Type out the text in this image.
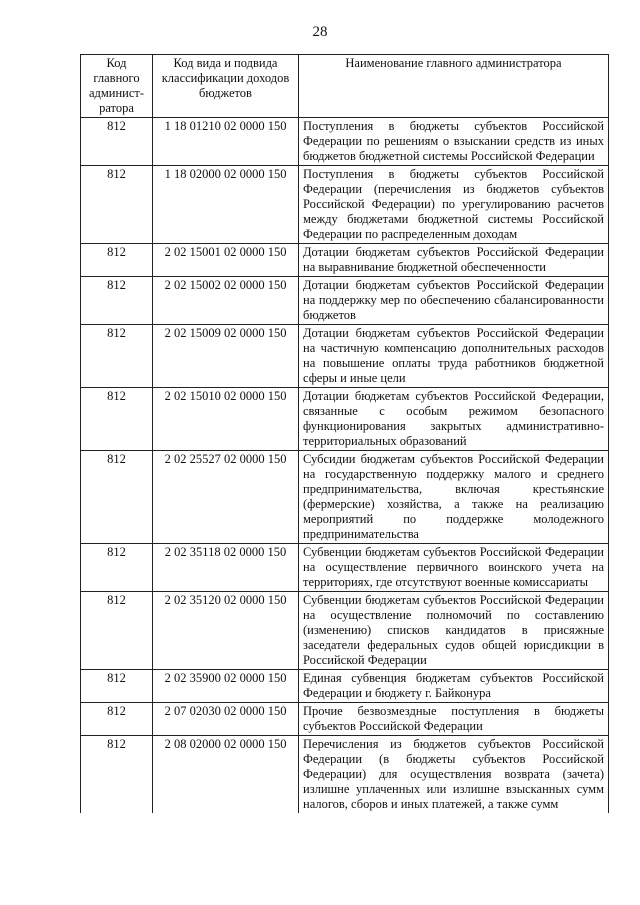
28
Код главного админист-ратора	Код вида и подвида классификации доходов бюджетов	Наименование главного администратора
812	1 18 01210 02 0000 150	Поступления в бюджеты субъектов Российской Федерации по решениям о взыскании средств из иных бюджетов бюджетной системы Российской Федерации
812	1 18 02000 02 0000 150	Поступления в бюджеты субъектов Российской Федерации (перечисления из бюджетов субъектов Российской Федерации) по урегулированию расчетов между бюджетами бюджетной системы Российской Федерации по распределенным доходам
812	2 02 15001 02 0000 150	Дотации бюджетам субъектов Российской Федерации на выравнивание бюджетной обеспеченности
812	2 02 15002 02 0000 150	Дотации бюджетам субъектов Российской Федерации на поддержку мер по обеспечению сбалансированности бюджетов
812	2 02 15009 02 0000 150	Дотации бюджетам субъектов Российской Федерации на частичную компенсацию дополнительных расходов на повышение оплаты труда работников бюджетной сферы и иные цели
812	2 02 15010 02 0000 150	Дотации бюджетам субъектов Российской Федерации, связанные с особым режимом безопасного функционирования закрытых административно-территориальных образований
812	2 02 25527 02 0000 150	Субсидии бюджетам субъектов Российской Федерации на государственную поддержку малого и среднего предпринимательства, включая крестьянские (фермерские) хозяйства, а также на реализацию мероприятий по поддержке молодежного предпринимательства
812	2 02 35118 02 0000 150	Субвенции бюджетам субъектов Российской Федерации на осуществление первичного воинского учета на территориях, где отсутствуют военные комиссариаты
812	2 02 35120 02 0000 150	Субвенции бюджетам субъектов Российской Федерации на осуществление полномочий по составлению (изменению) списков кандидатов в присяжные заседатели федеральных судов общей юрисдикции в Российской Федерации
812	2 02 35900 02 0000 150	Единая субвенция бюджетам субъектов Российской Федерации и бюджету г. Байконура
812	2 07 02030 02 0000 150	Прочие безвозмездные поступления в бюджеты субъектов Российской Федерации
812	2 08 02000 02 0000 150	Перечисления из бюджетов субъектов Российской Федерации (в бюджеты субъектов Российской Федерации) для осуществления возврата (зачета) излишне уплаченных или излишне взысканных сумм налогов, сборов и иных платежей, а также сумм
